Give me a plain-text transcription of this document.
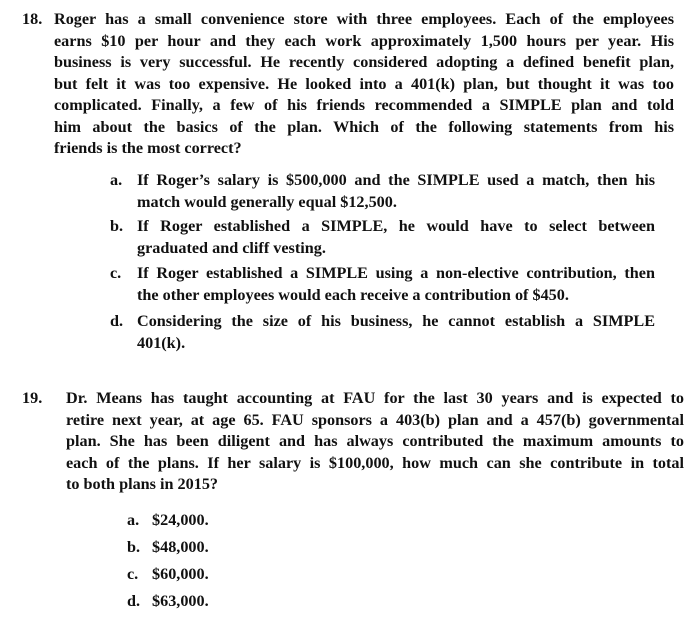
18. Roger has a small convenience store with three employees. Each of the employees
earns $10 per hour and they each work approximately 1,500 hours per year. His
business is very successful. He recently considered adopting a defined benefit plan,
but felt it was too expensive. He looked into a 401(k) plan, but thought it was too
complicated. Finally, a few of his friends recommended a SIMPLE plan and told
him about the basics of the plan. Which of the following statements from his
friends is the most correct?
a. If Roger’s salary is $500,000 and the SIMPLE used a match, then his
match would generally equal $12,500.
b. If Roger established a SIMPLE, he would have to select between
graduated and cliff vesting.
c. If Roger established a SIMPLE using a non-elective contribution, then
the other employees would each receive a contribution of $450.
d. Considering the size of his business, he cannot establish a SIMPLE
401(k).
19. Dr. Means has taught accounting at FAU for the last 30 years and is expected to
retire next year, at age 65. FAU sponsors a 403(b) plan and a 457(b) governmental
plan. She has been diligent and has always contributed the maximum amounts to
each of the plans. If her salary is $100,000, how much can she contribute in total
to both plans in 2015?
a. $24,000.
b. $48,000.
c. $60,000.
d. $63,000.
